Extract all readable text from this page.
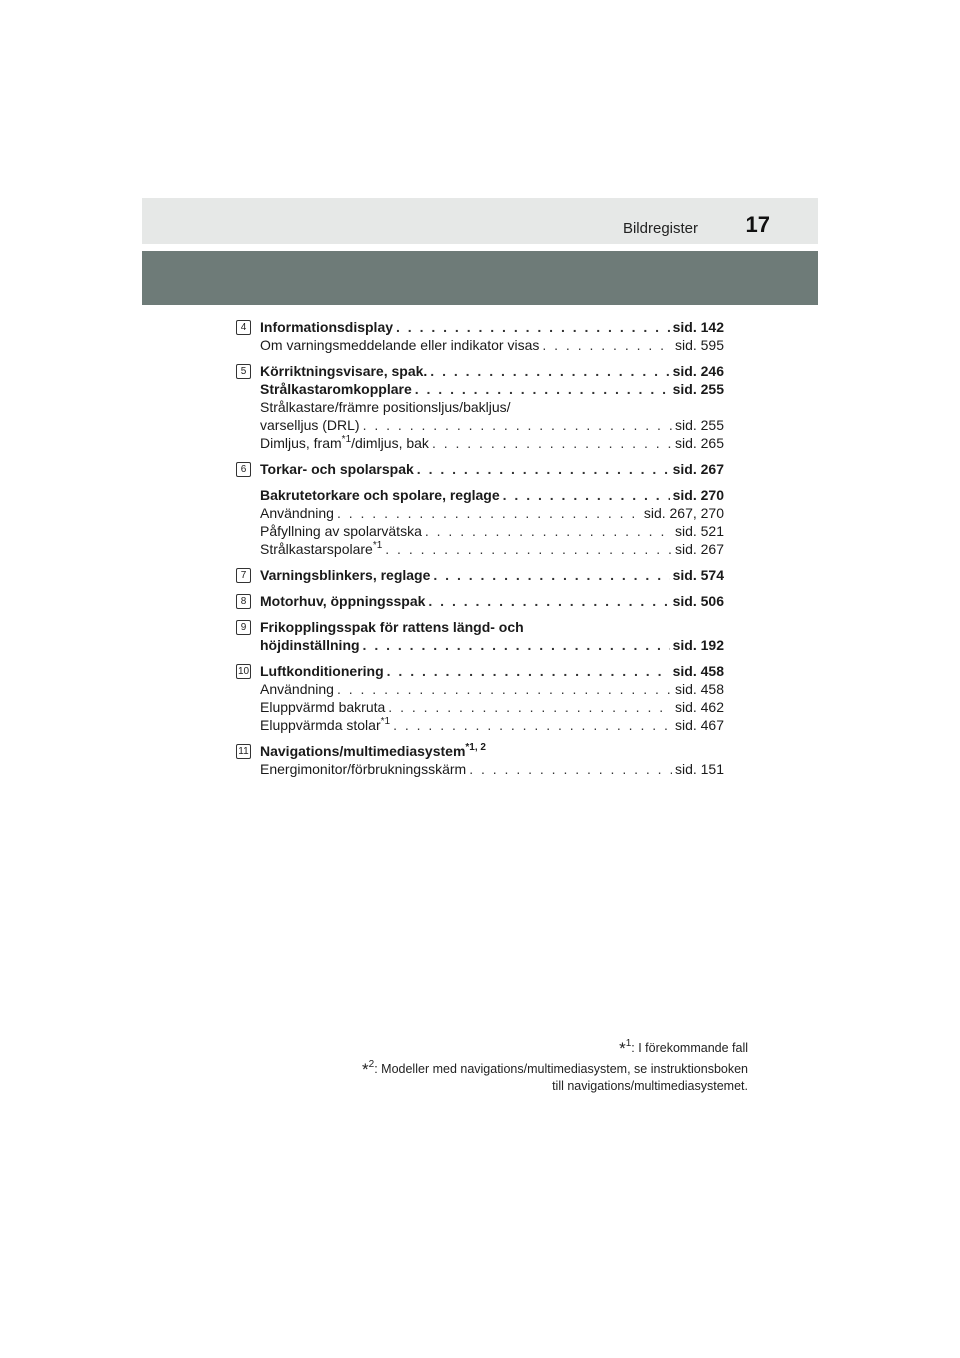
Bildregister 17
4 Informationsdisplay . . .	sid. 142
Om varningsmeddelande eller indikator visas . . .	sid. 595
5 Körriktningsvisare, spak. . . .	sid. 246
Strålkastaromkopplare . . .	sid. 255
Strålkastare/främre positionsljus/bakljus/
varselljus (DRL) . . .	sid. 255
Dimljus, fram$^{*1}$/dimljus, bak . . .	sid. 265
6 Torkar- och spolarspak . . .	sid. 267
Bakrutetorkare och spolare, reglage . . .	sid. 270
Användning . . .	sid. 267, 270
Påfyllning av spolarvätska . . .	sid. 521
Strålkastarspolare$^{*1}$ . . .	sid. 267
7 Varningsblinkers, reglage . . .	sid. 574
8 Motorhuv, öppningsspak . . .	sid. 506
9 Frikopplingsspak för rattens längd- och
höjdinställning . . .	sid. 192
10 Luftkonditionering . . .	sid. 458
Användning . . .	sid. 458
Eluppvärmd bakruta . . .	sid. 462
Eluppvärmda stolar$^{*1}$ . . .	sid. 467
11 Navigations/multimediasystem$^{*1, 2}$
Energimonitor/förbrukningsskärm . . .	sid. 151
*$^1$: I förekommande fall
*$^2$: Modeller med navigations/multimediasystem, se instruktionsboken
till navigations/multimediasystemet.
